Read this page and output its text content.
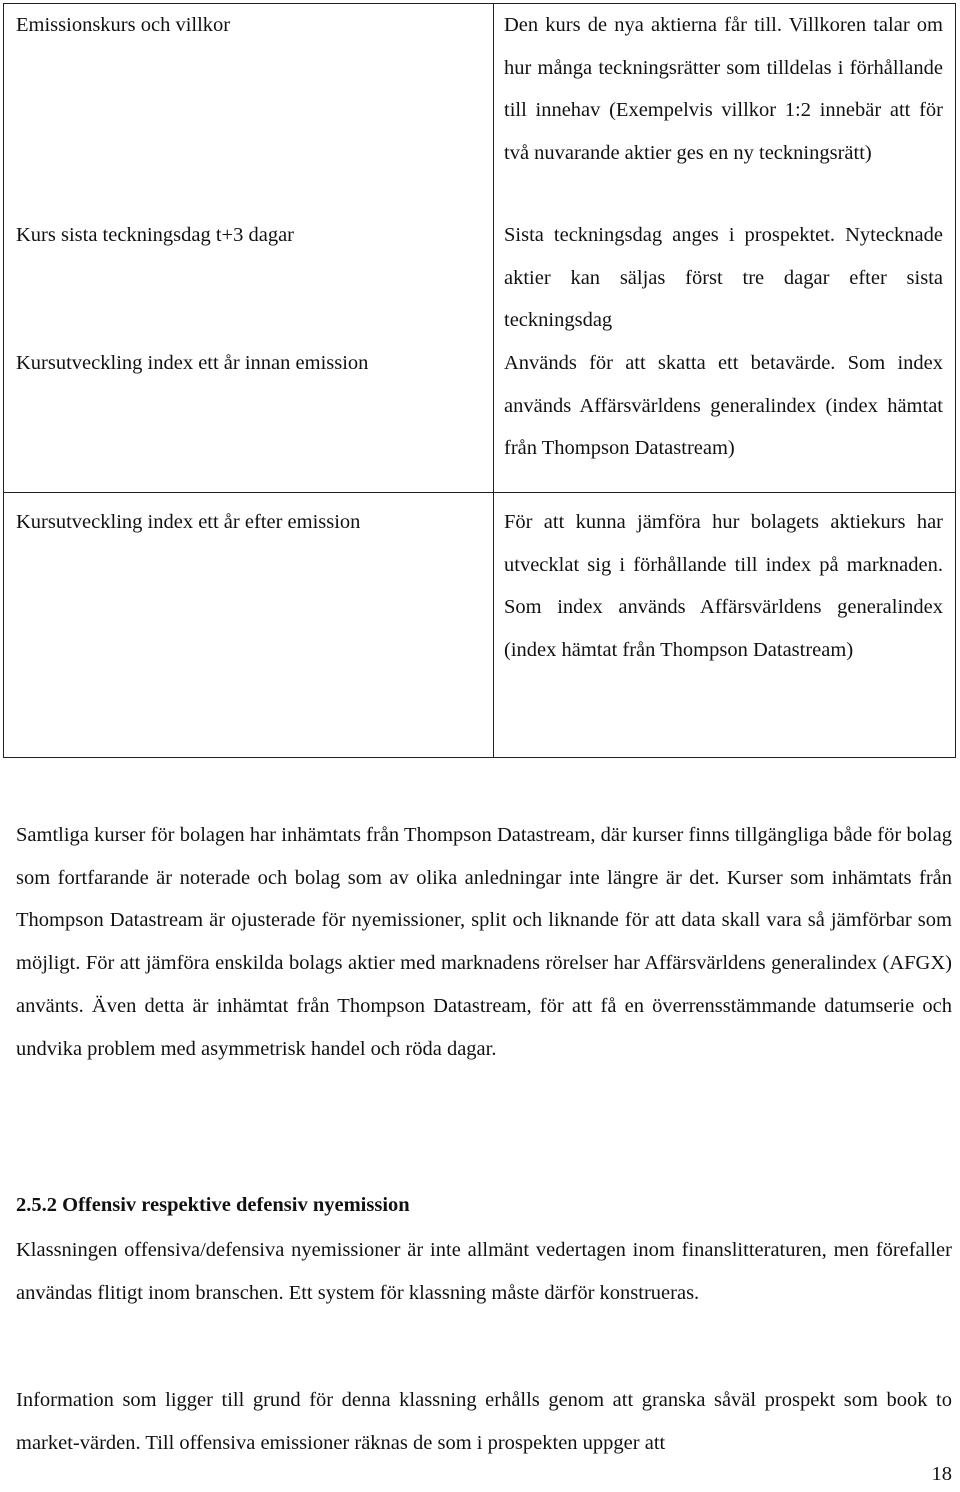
Emissionskurs och villkor	Den kurs de nya aktierna får till. Villkoren talar om hur många teckningsrätter som tilldelas i förhållande till innehav (Exempelvis villkor 1:2 innebär att för två nuvarande aktier ges en ny teckningsrätt)
Kurs sista teckningsdag t+3 dagar	Sista teckningsdag anges i prospektet. Nytecknade aktier kan säljas först tre dagar efter sista teckningsdag
Kursutveckling index ett år innan emission	Används för att skatta ett betavärde. Som index används Affärsvärldens generalindex (index hämtat från Thompson Datastream)
Kursutveckling index ett år efter emission	För att kunna jämföra hur bolagets aktiekurs har utvecklat sig i förhållande till index på marknaden. Som index används Affärsvärldens generalindex (index hämtat från Thompson Datastream)

Samtliga kurser för bolagen har inhämtats från Thompson Datastream, där kurser finns tillgängliga både för bolag som fortfarande är noterade och bolag som av olika anledningar inte längre är det. Kurser som inhämtats från Thompson Datastream är ojusterade för nyemissioner, split och liknande för att data skall vara så jämförbar som möjligt. För att jämföra enskilda bolags aktier med marknadens rörelser har Affärsvärldens generalindex (AFGX) använts. Även detta är inhämtat från Thompson Datastream, för att få en överrensstämmande datumserie och undvika problem med asymmetrisk handel och röda dagar.

2.5.2 Offensiv respektive defensiv nyemission

Klassningen offensiva/defensiva nyemissioner är inte allmänt vedertagen inom finanslitteraturen, men förefaller användas flitigt inom branschen. Ett system för klassning måste därför konstrueras.

Information som ligger till grund för denna klassning erhålls genom att granska såväl prospekt som book to market-värden. Till offensiva emissioner räknas de som i prospekten uppger att

18
